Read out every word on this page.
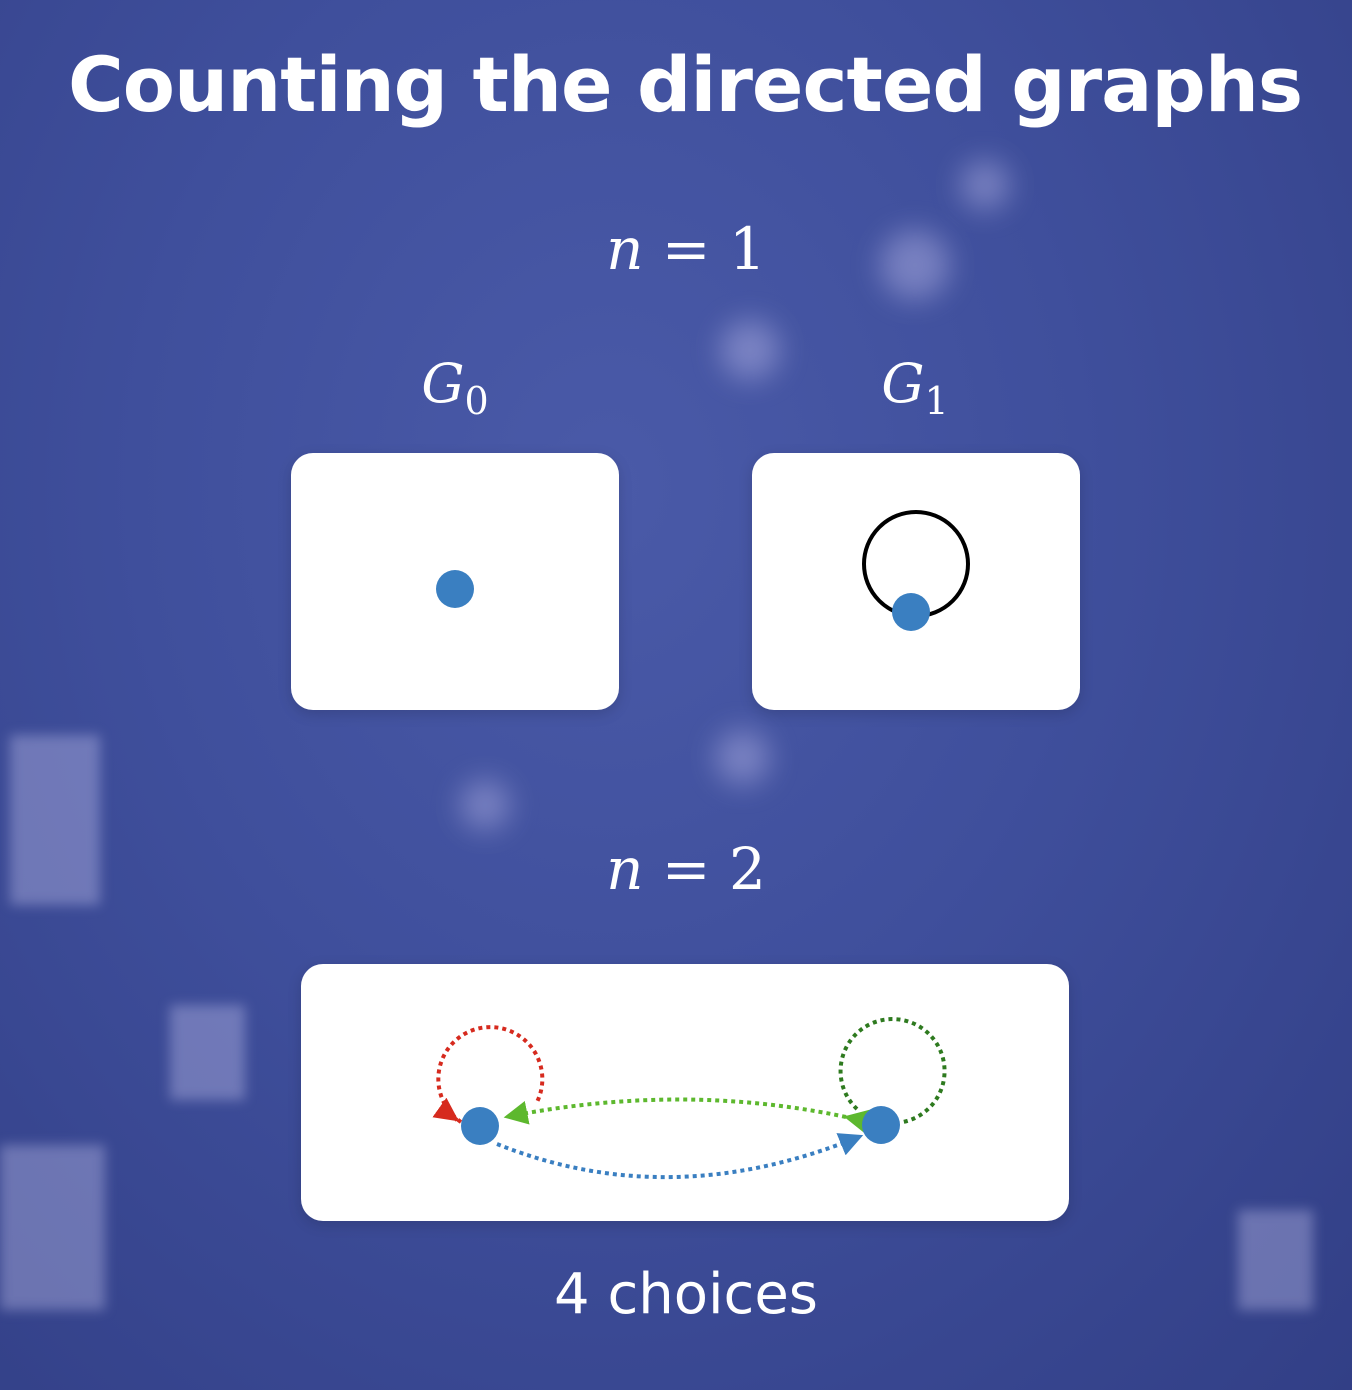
Counting the directed graphs
n = 1
$G_0$	$G_1$
n = 2
4 choices
